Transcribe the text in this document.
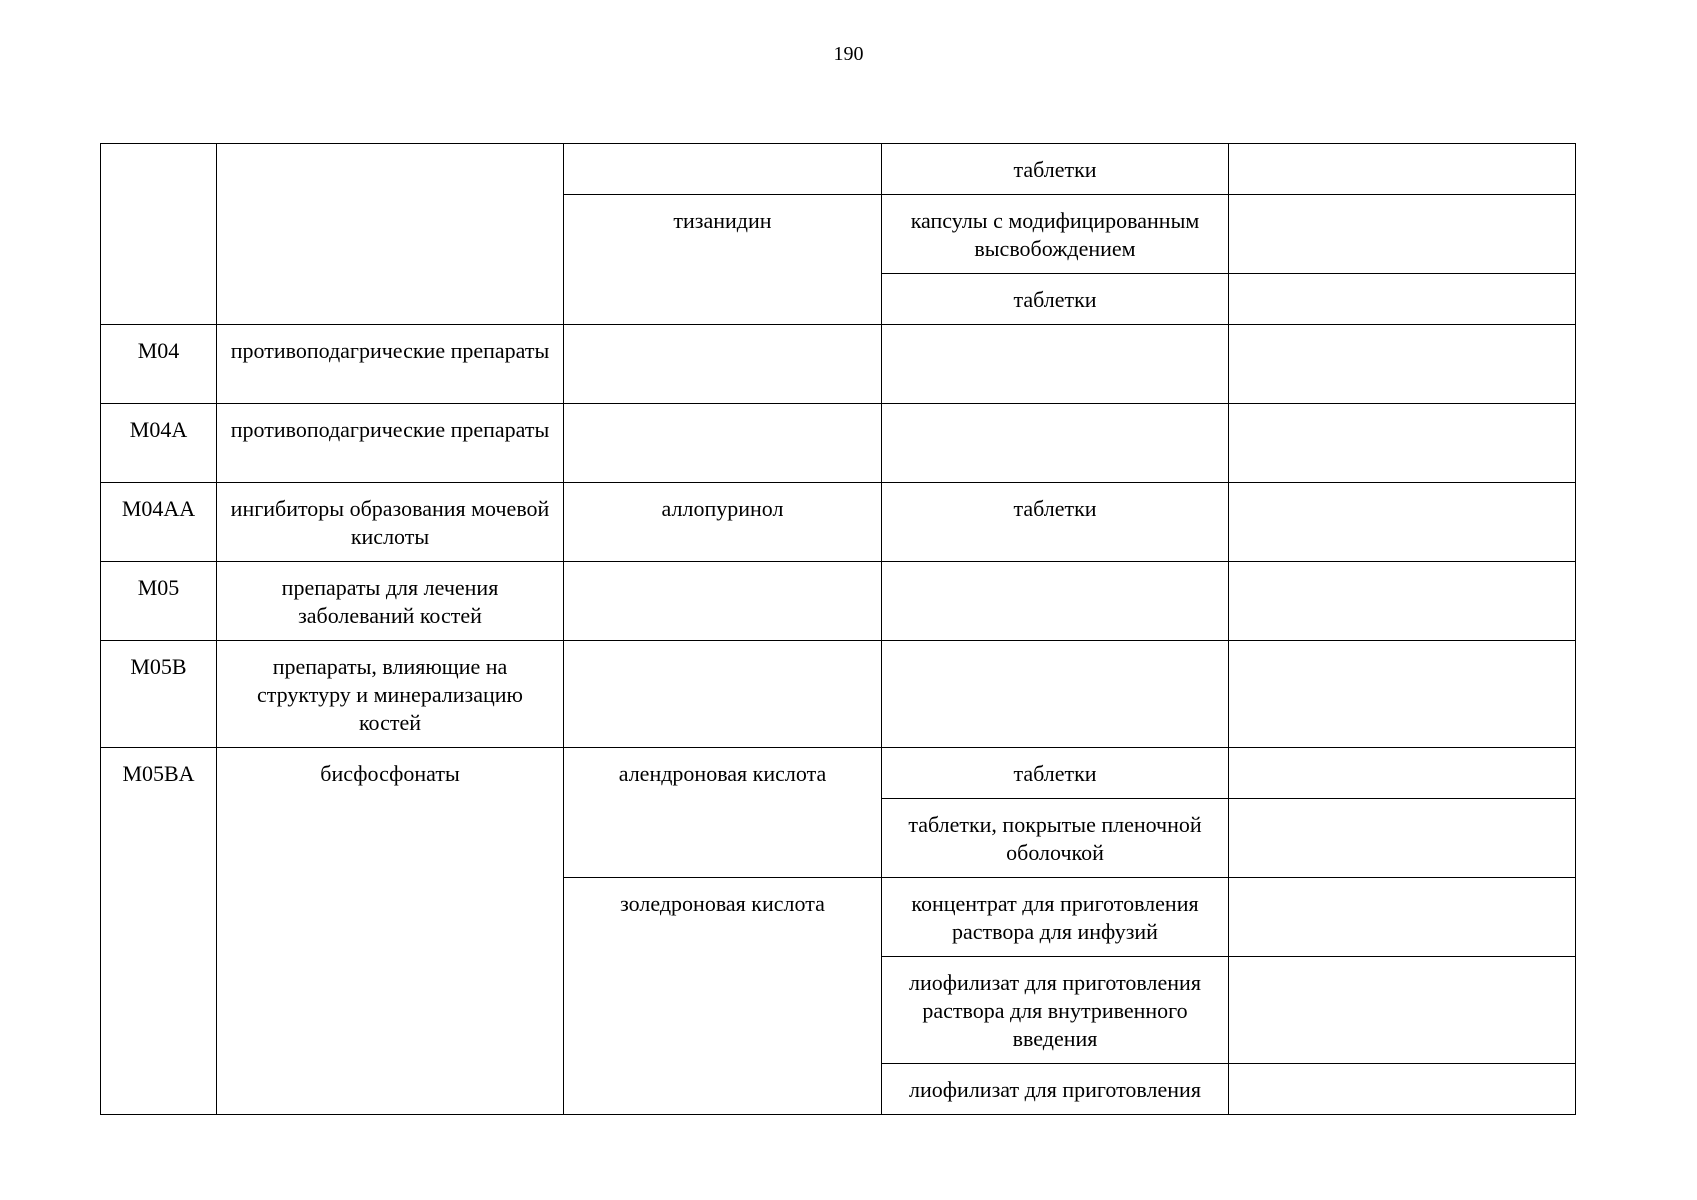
190
			таблетки	
		тизанидин	капсулы с модифицированным высвобождением	
			таблетки	
M04	противоподагрические препараты			
M04A	противоподагрические препараты			
M04AA	ингибиторы образования мочевой кислоты	аллопуринол	таблетки	
M05	препараты для лечения заболеваний костей			
M05B	препараты, влияющие на структуру и минерализацию костей			
M05BA	бисфосфонаты	алендроновая кислота	таблетки	
			таблетки, покрытые пленочной оболочкой	
		золедроновая кислота	концентрат для приготовления раствора для инфузий	
			лиофилизат для приготовления раствора для внутривенного введения	
			лиофилизат для приготовления	
